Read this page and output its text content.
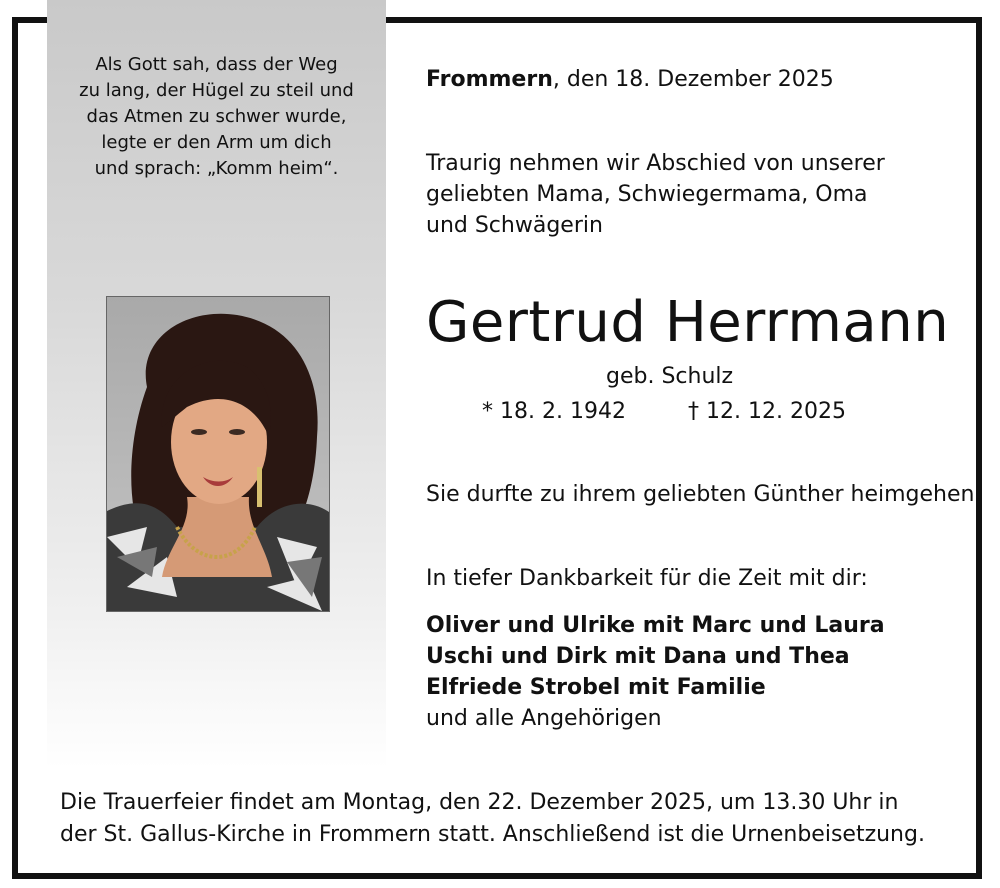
Als Gott sah, dass der Weg
zu lang, der Hügel zu steil und
das Atmen zu schwer wurde,
legte er den Arm um dich
und sprach: „Komm heim“.

Frommern, den 18. Dezember 2025

Traurig nehmen wir Abschied von unserer
geliebten Mama, Schwiegermama, Oma
und Schwägerin

Gertrud Herrmann

geb. Schulz

* 18. 2. 1942	† 12. 12. 2025

Sie durfte zu ihrem geliebten Günther heimgehen.

In tiefer Dankbarkeit für die Zeit mit dir:

Oliver und Ulrike mit Marc und Laura
Uschi und Dirk mit Dana und Thea
Elfriede Strobel mit Familie
und alle Angehörigen

Die Trauerfeier findet am Montag, den 22. Dezember 2025, um 13.30 Uhr in
der St. Gallus-Kirche in Frommern statt. Anschließend ist die Urnenbeisetzung.
